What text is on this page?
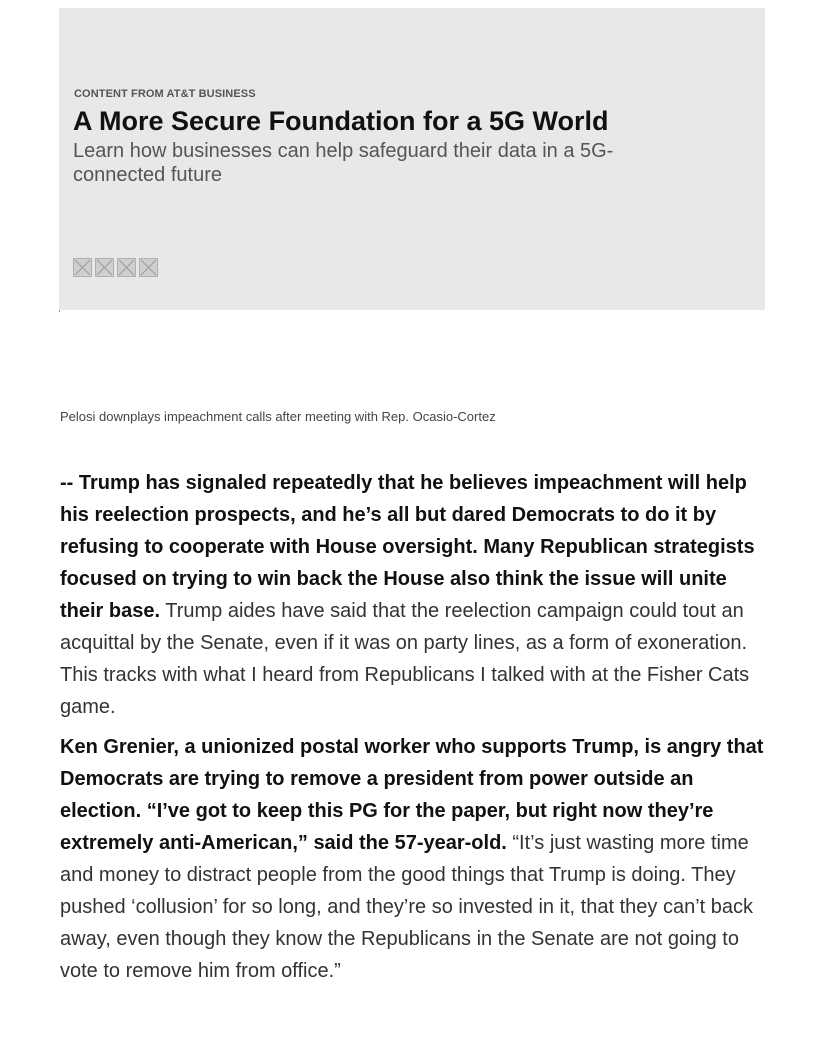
CONTENT FROM AT&T BUSINESS
A More Secure Foundation for a 5G World

Learn how businesses can help safeguard their data in a 5G-connected future

Pelosi downplays impeachment calls after meeting with Rep. Ocasio-Cortez

-- Trump has signaled repeatedly that he believes impeachment will help his reelection prospects, and he’s all but dared Democrats to do it by refusing to cooperate with House oversight. Many Republican strategists focused on trying to win back the House also think the issue will unite their base. Trump aides have said that the reelection campaign could tout an acquittal by the Senate, even if it was on party lines, as a form of exoneration. This tracks with what I heard from Republicans I talked with at the Fisher Cats game.

Ken Grenier, a unionized postal worker who supports Trump, is angry that Democrats are trying to remove a president from power outside an election. “I’ve got to keep this PG for the paper, but right now they’re extremely anti-American,” said the 57-year-old. “It’s just wasting more time and money to distract people from the good things that Trump is doing. They pushed ‘collusion’ for so long, and they’re so invested in it, that they can’t back away, even though they know the Republicans in the Senate are not going to vote to remove him from office.”
